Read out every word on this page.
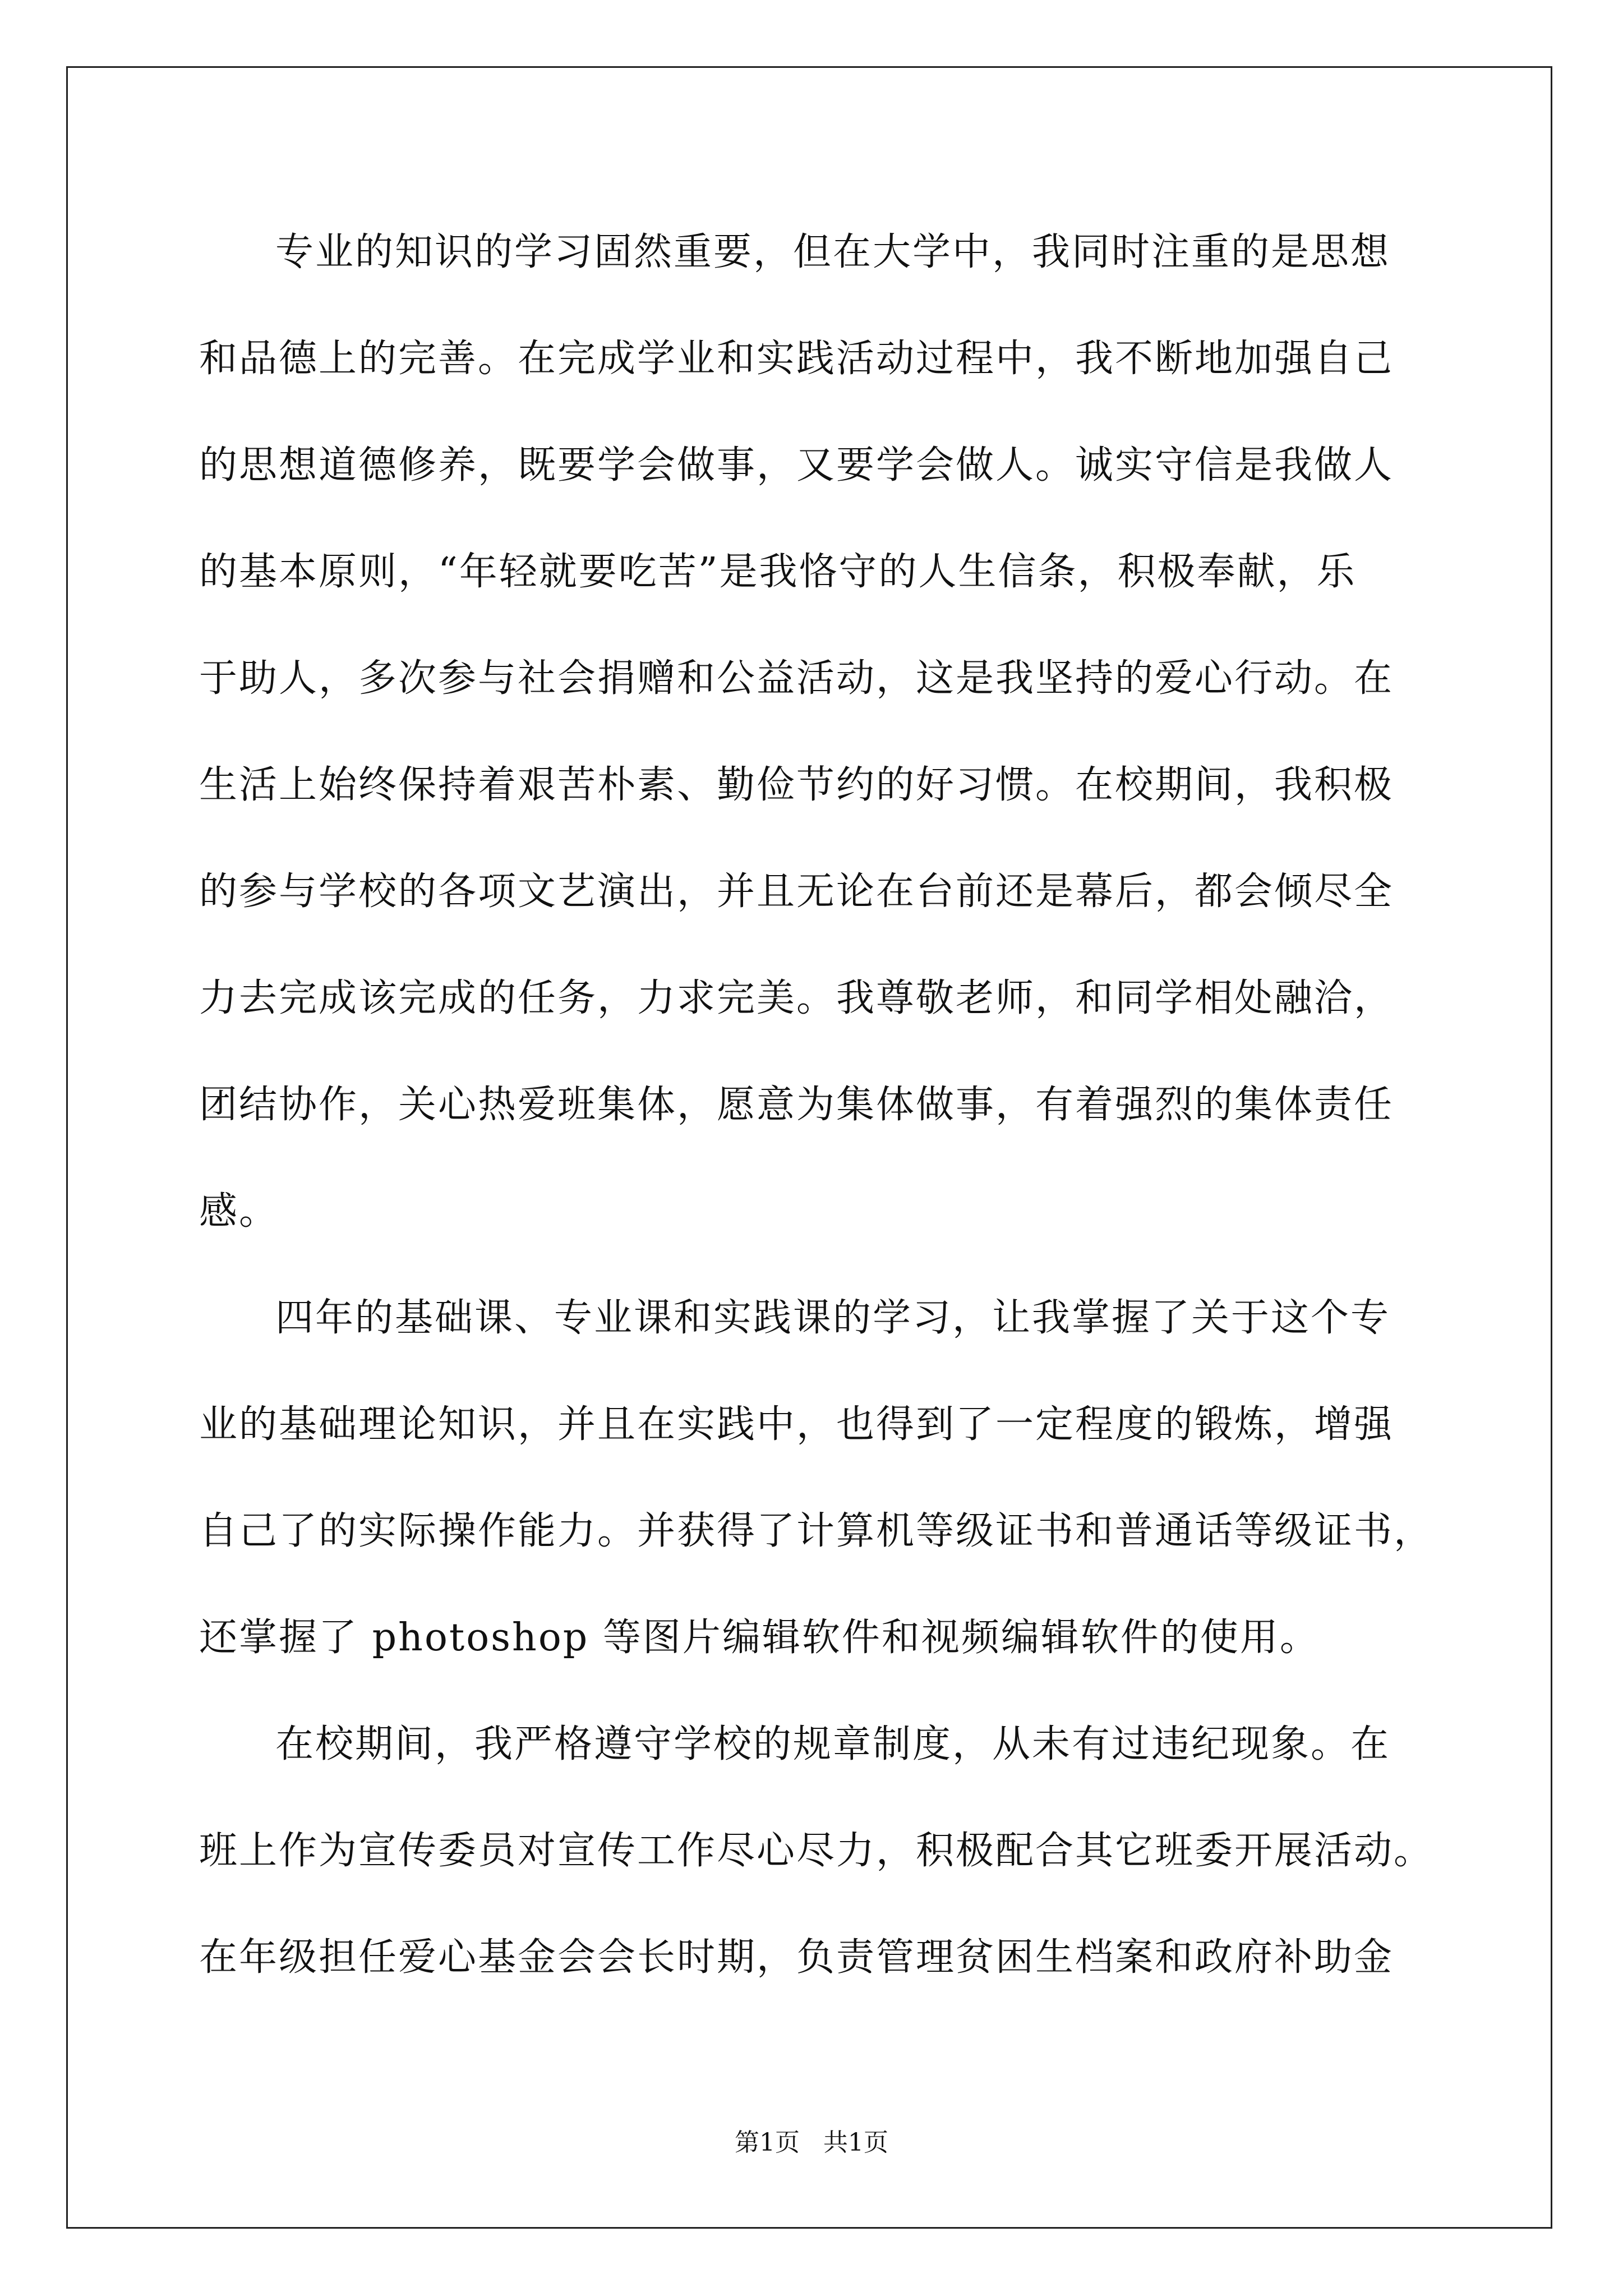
专业的知识的学习固然重要，但在大学中，我同时注重的是思想
和品德上的完善。在完成学业和实践活动过程中，我不断地加强自己
的思想道德修养，既要学会做事，又要学会做人。诚实守信是我做人
的基本原则，“年轻就要吃苦”是我恪守的人生信条，积极奉献，乐
于助人，多次参与社会捐赠和公益活动，这是我坚持的爱心行动。在
生活上始终保持着艰苦朴素、勤俭节约的好习惯。在校期间，我积极
的参与学校的各项文艺演出，并且无论在台前还是幕后，都会倾尽全
力去完成该完成的任务，力求完美。我尊敬老师，和同学相处融洽，
团结协作，关心热爱班集体，愿意为集体做事，有着强烈的集体责任
感。
四年的基础课、专业课和实践课的学习，让我掌握了关于这个专
业的基础理论知识，并且在实践中，也得到了一定程度的锻炼，增强
自己了的实际操作能力。并获得了计算机等级证书和普通话等级证书，
还掌握了 photoshop 等图片编辑软件和视频编辑软件的使用。
在校期间，我严格遵守学校的规章制度，从未有过违纪现象。在
班上作为宣传委员对宣传工作尽心尽力，积极配合其它班委开展活动。
在年级担任爱心基金会会长时期，负责管理贫困生档案和政府补助金
第1页   共1页
